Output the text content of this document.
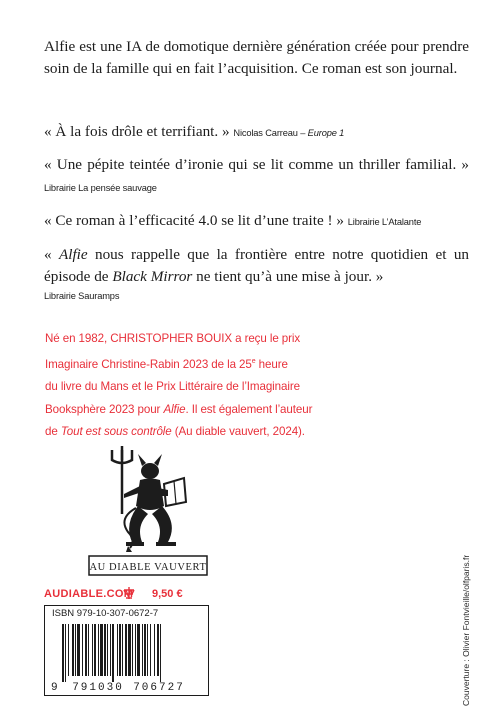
Alfie est une IA de domotique dernière génération créée pour prendre soin de la famille qui en fait l’acquisition. Ce roman est son journal.
« À la fois drôle et terrifiant. » Nicolas Carreau – Europe 1
« Une pépite teintée d’ironie qui se lit comme un thriller familial. » Librairie La pensée sauvage
« Ce roman à l’efficacité 4.0 se lit d’une traite ! » Librairie L’Atalante
« Alfie nous rappelle que la frontière entre notre quotidien et un épisode de Black Mirror ne tient qu’à une mise à jour. »
Librairie Sauramps
Né en 1982, CHRISTOPHER BOUIX a reçu le prix
Imaginaire Christine-Rabin 2023 de la 25e heure
du livre du Mans et le Prix Littéraire de l’Imaginaire
Booksphère 2023 pour Alfie. Il est également l’auteur
de Tout est sous contrôle (Au diable vauvert, 2024).
AU DIABLE VAUVERT
AUDIABLE.COM 9,50 €
ISBN 979-10-307-0672-7
9 791030 706727	Couverture : Olivier Fontvieille/olfparis.fr
